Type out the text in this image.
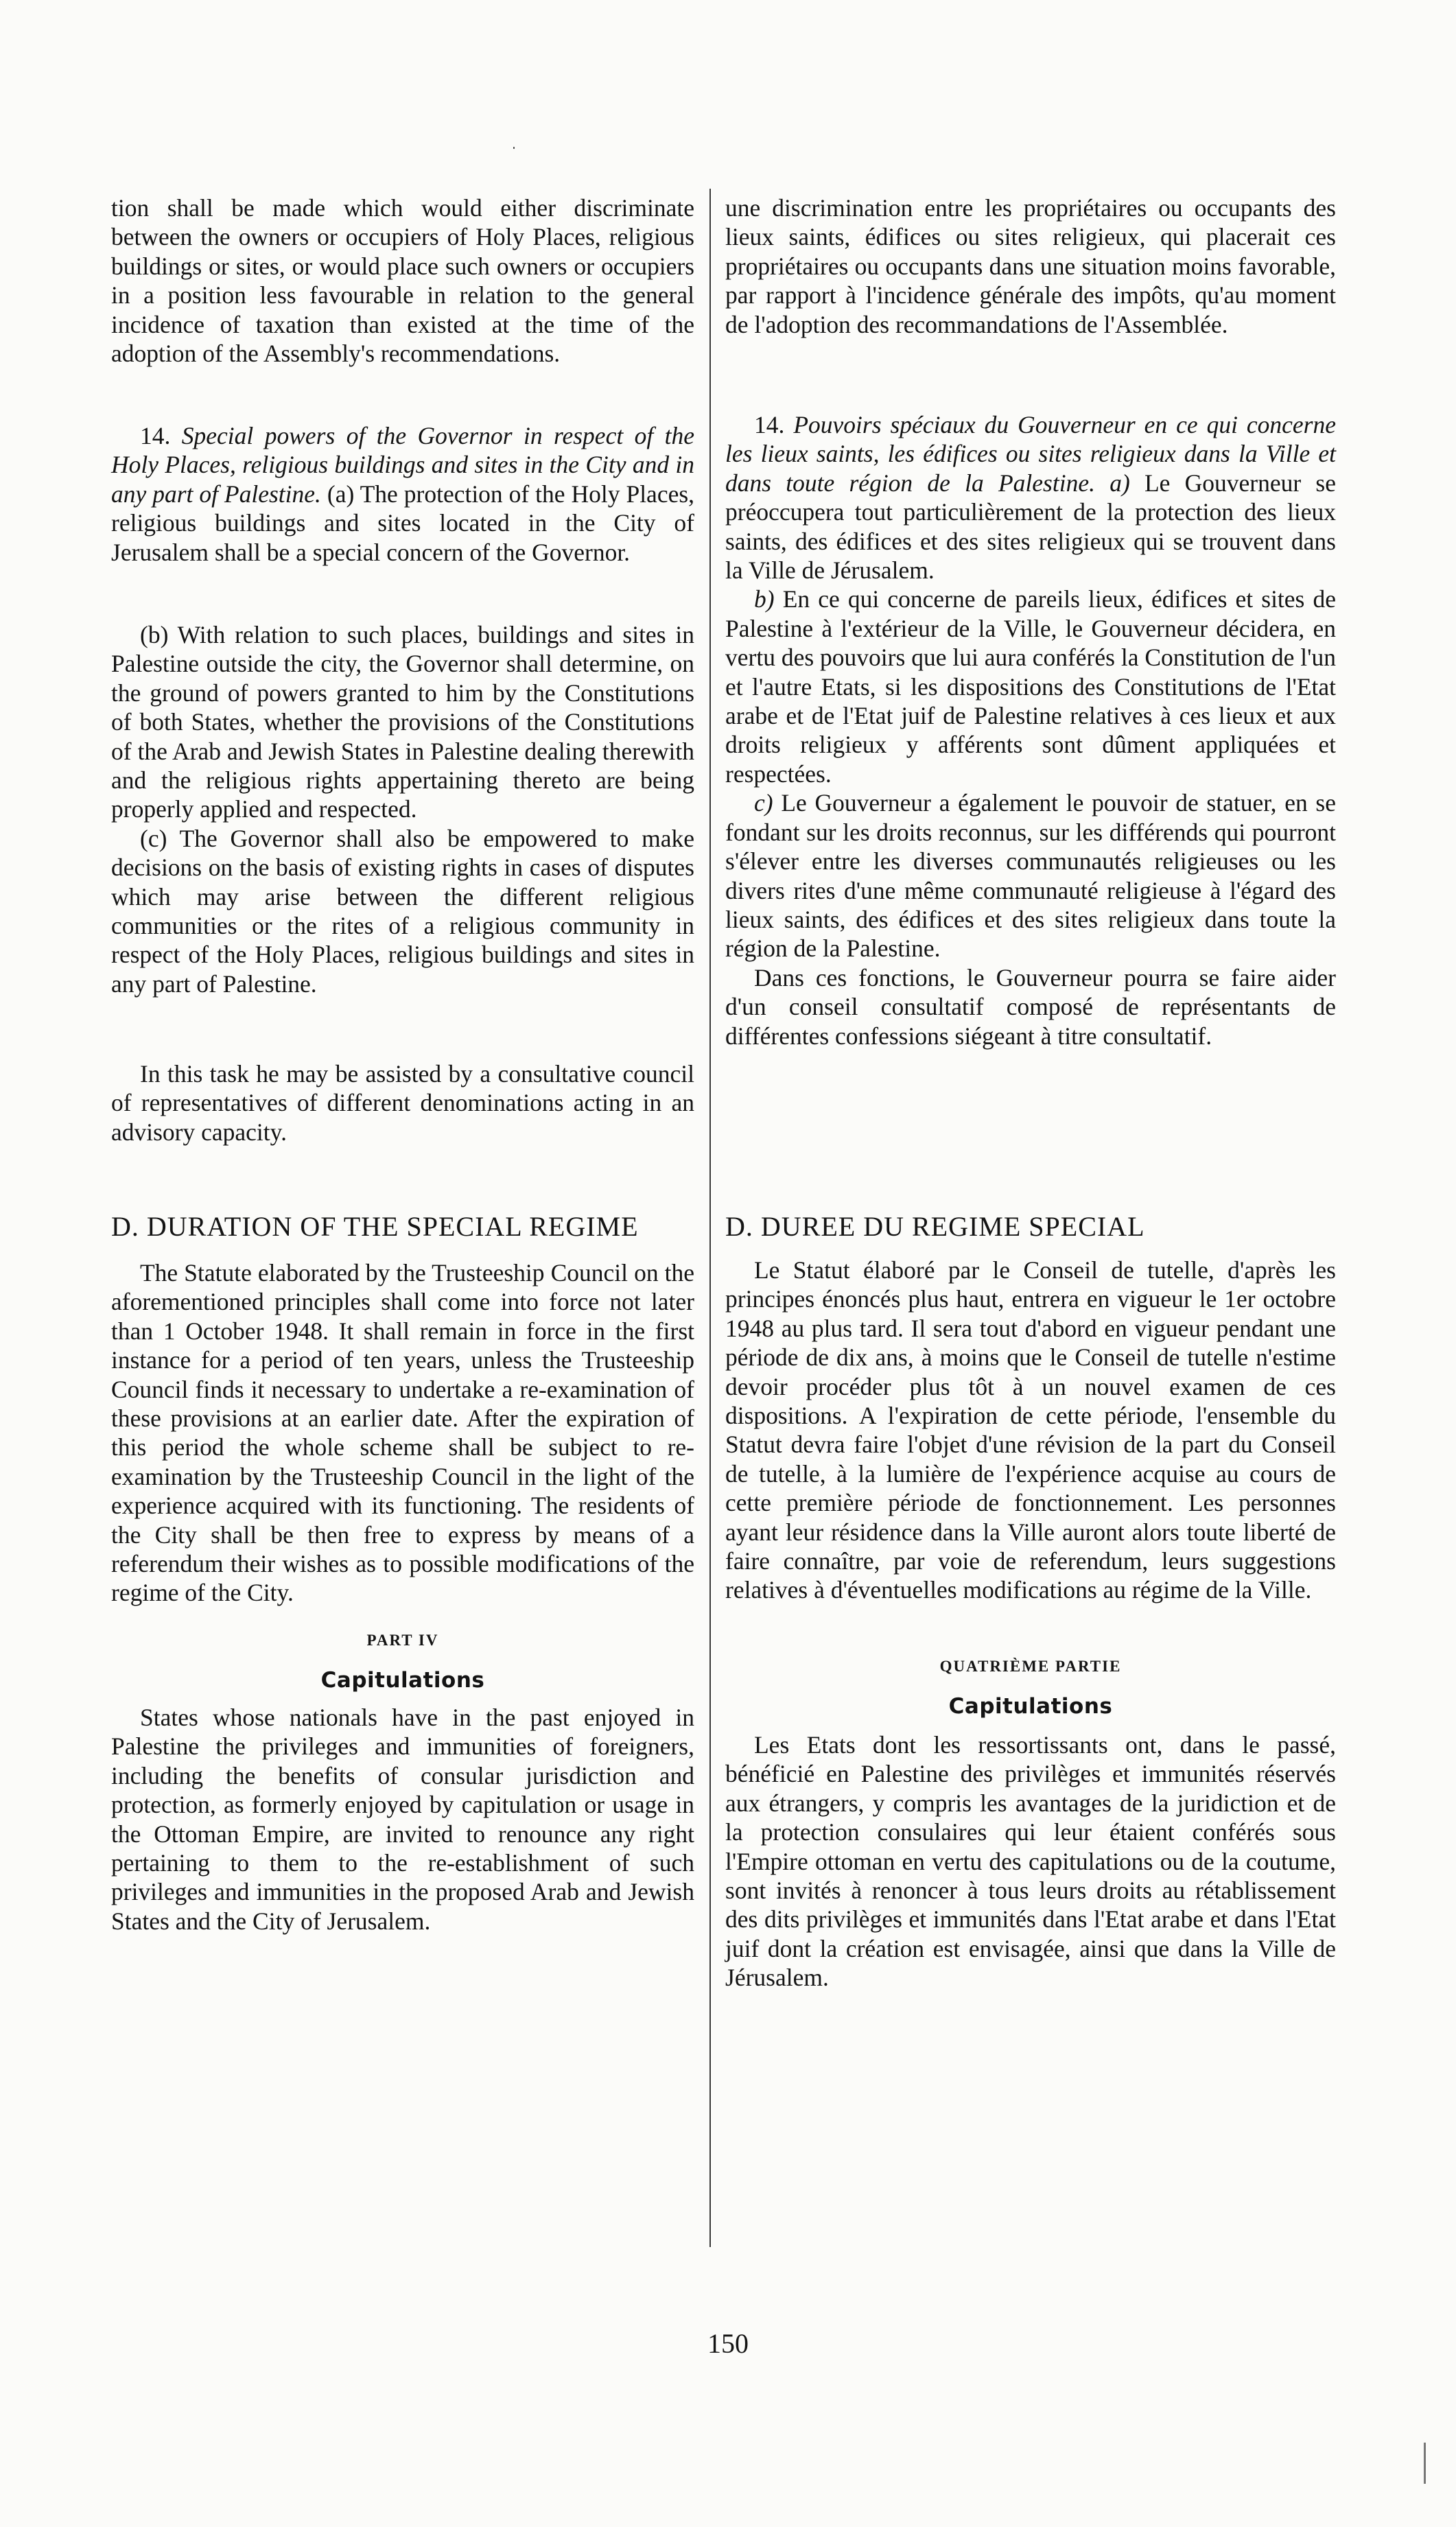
tion shall be made which would either discriminate between the owners or occupiers of Holy Places, religious buildings or sites, or would place such owners or occupiers in a position less favourable in relation to the general incidence of taxation than existed at the time of the adoption of the Assembly's recommendations.

14. Special powers of the Governor in respect of the Holy Places, religious buildings and sites in the City and in any part of Palestine. (a) The protection of the Holy Places, religious buildings and sites located in the City of Jerusalem shall be a special concern of the Governor.

(b) With relation to such places, buildings and sites in Palestine outside the city, the Governor shall determine, on the ground of powers granted to him by the Constitutions of both States, whether the provisions of the Constitutions of the Arab and Jewish States in Palestine dealing therewith and the religious rights appertaining thereto are being properly applied and respected.

(c) The Governor shall also be empowered to make decisions on the basis of existing rights in cases of disputes which may arise between the different religious communities or the rites of a religious community in respect of the Holy Places, religious buildings and sites in any part of Palestine.

In this task he may be assisted by a consultative council of representatives of different denominations acting in an advisory capacity.

D. DURATION OF THE SPECIAL REGIME

The Statute elaborated by the Trusteeship Council on the aforementioned principles shall come into force not later than 1 October 1948. It shall remain in force in the first instance for a period of ten years, unless the Trusteeship Council finds it necessary to undertake a re-examination of these provisions at an earlier date. After the expiration of this period the whole scheme shall be subject to re-examination by the Trusteeship Council in the light of the experience acquired with its functioning. The residents of the City shall be then free to express by means of a referendum their wishes as to possible modifications of the regime of the City.

PART IV

Capitulations

States whose nationals have in the past enjoyed in Palestine the privileges and immunities of foreigners, including the benefits of consular jurisdiction and protection, as formerly enjoyed by capitulation or usage in the Ottoman Empire, are invited to renounce any right pertaining to them to the re-establishment of such privileges and immunities in the proposed Arab and Jewish States and the City of Jerusalem.

une discrimination entre les propriétaires ou occupants des lieux saints, édifices ou sites religieux, qui placerait ces propriétaires ou occupants dans une situation moins favorable, par rapport à l'incidence générale des impôts, qu'au moment de l'adoption des recommandations de l'Assemblée.

14. Pouvoirs spéciaux du Gouverneur en ce qui concerne les lieux saints, les édifices ou sites religieux dans la Ville et dans toute région de la Palestine. a) Le Gouverneur se préoccupera tout particulièrement de la protection des lieux saints, des édifices et des sites religieux qui se trouvent dans la Ville de Jérusalem.

b) En ce qui concerne de pareils lieux, édifices et sites de Palestine à l'extérieur de la Ville, le Gouverneur décidera, en vertu des pouvoirs que lui aura conférés la Constitution de l'un et l'autre Etats, si les dispositions des Constitutions de l'Etat arabe et de l'Etat juif de Palestine relatives à ces lieux et aux droits religieux y afférents sont dûment appliquées et respectées.

c) Le Gouverneur a également le pouvoir de statuer, en se fondant sur les droits reconnus, sur les différends qui pourront s'élever entre les diverses communautés religieuses ou les divers rites d'une même communauté religieuse à l'égard des lieux saints, des édifices et des sites religieux dans toute la région de la Palestine.

Dans ces fonctions, le Gouverneur pourra se faire aider d'un conseil consultatif composé de représentants de différentes confessions siégeant à titre consultatif.

D. DUREE DU REGIME SPECIAL

Le Statut élaboré par le Conseil de tutelle, d'après les principes énoncés plus haut, entrera en vigueur le 1er octobre 1948 au plus tard. Il sera tout d'abord en vigueur pendant une période de dix ans, à moins que le Conseil de tutelle n'estime devoir procéder plus tôt à un nouvel examen de ces dispositions. A l'expiration de cette période, l'ensemble du Statut devra faire l'objet d'une révision de la part du Conseil de tutelle, à la lumière de l'expérience acquise au cours de cette première période de fonctionnement. Les personnes ayant leur résidence dans la Ville auront alors toute liberté de faire connaître, par voie de referendum, leurs suggestions relatives à d'éventuelles modifications au régime de la Ville.

QUATRIÈME PARTIE

Capitulations

Les Etats dont les ressortissants ont, dans le passé, bénéficié en Palestine des privilèges et immunités réservés aux étrangers, y compris les avantages de la juridiction et de la protection consulaires qui leur étaient conférés sous l'Empire ottoman en vertu des capitulations ou de la coutume, sont invités à renoncer à tous leurs droits au rétablissement des dits privilèges et immunités dans l'Etat arabe et dans l'Etat juif dont la création est envisagée, ainsi que dans la Ville de Jérusalem.

150
